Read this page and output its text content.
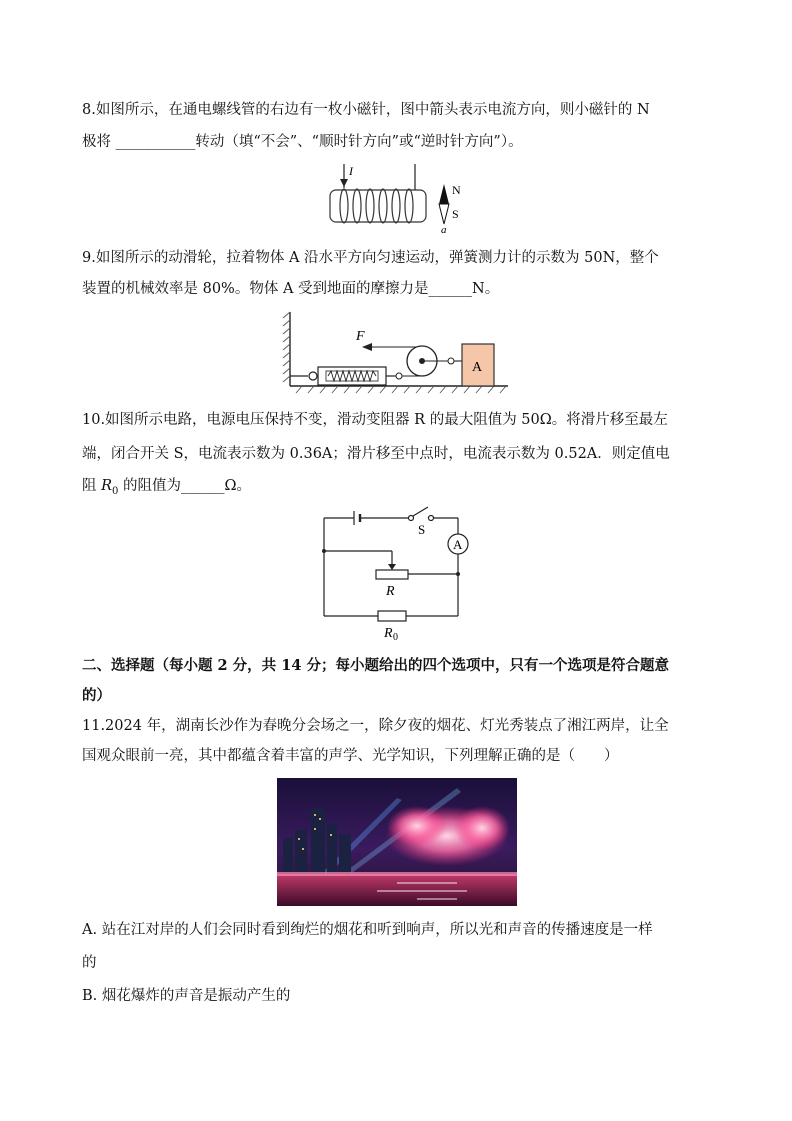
8.如图所示，在通电螺线管的右边有一枚小磁针，图中箭头表示电流方向，则小磁针的 N
极将 ___________转动（填“不会”、“顺时针方向”或“逆时针方向”）。
I
N
S
a
9.如图所示的动滑轮，拉着物体 A 沿水平方向匀速运动，弹簧测力计的示数为 50N，整个
装置的机械效率是 80%。物体 A 受到地面的摩擦力是______N。
F
A
10.如图所示电路，电源电压保持不变，滑动变阻器 R 的最大阻值为 50Ω。将滑片移至最左
端，闭合开关 S，电流表示数为 0.36A；滑片移至中点时，电流表示数为 0.52A．则定值电
阻 $R_0$ 的阻值为______Ω。
S
A
R
R 0
二、选择题（每小题 2 分，共 14 分；每小题给出的四个选项中，只有一个选项是符合题意
的）
11.2024 年，湖南长沙作为春晚分会场之一，除夕夜的烟花、灯光秀装点了湘江两岸，让全
国观众眼前一亮，其中都蕴含着丰富的声学、光学知识，下列理解正确的是（　　）
A. 站在江对岸的人们会同时看到绚烂的烟花和听到响声，所以光和声音的传播速度是一样
的
B. 烟花爆炸的声音是振动产生的
